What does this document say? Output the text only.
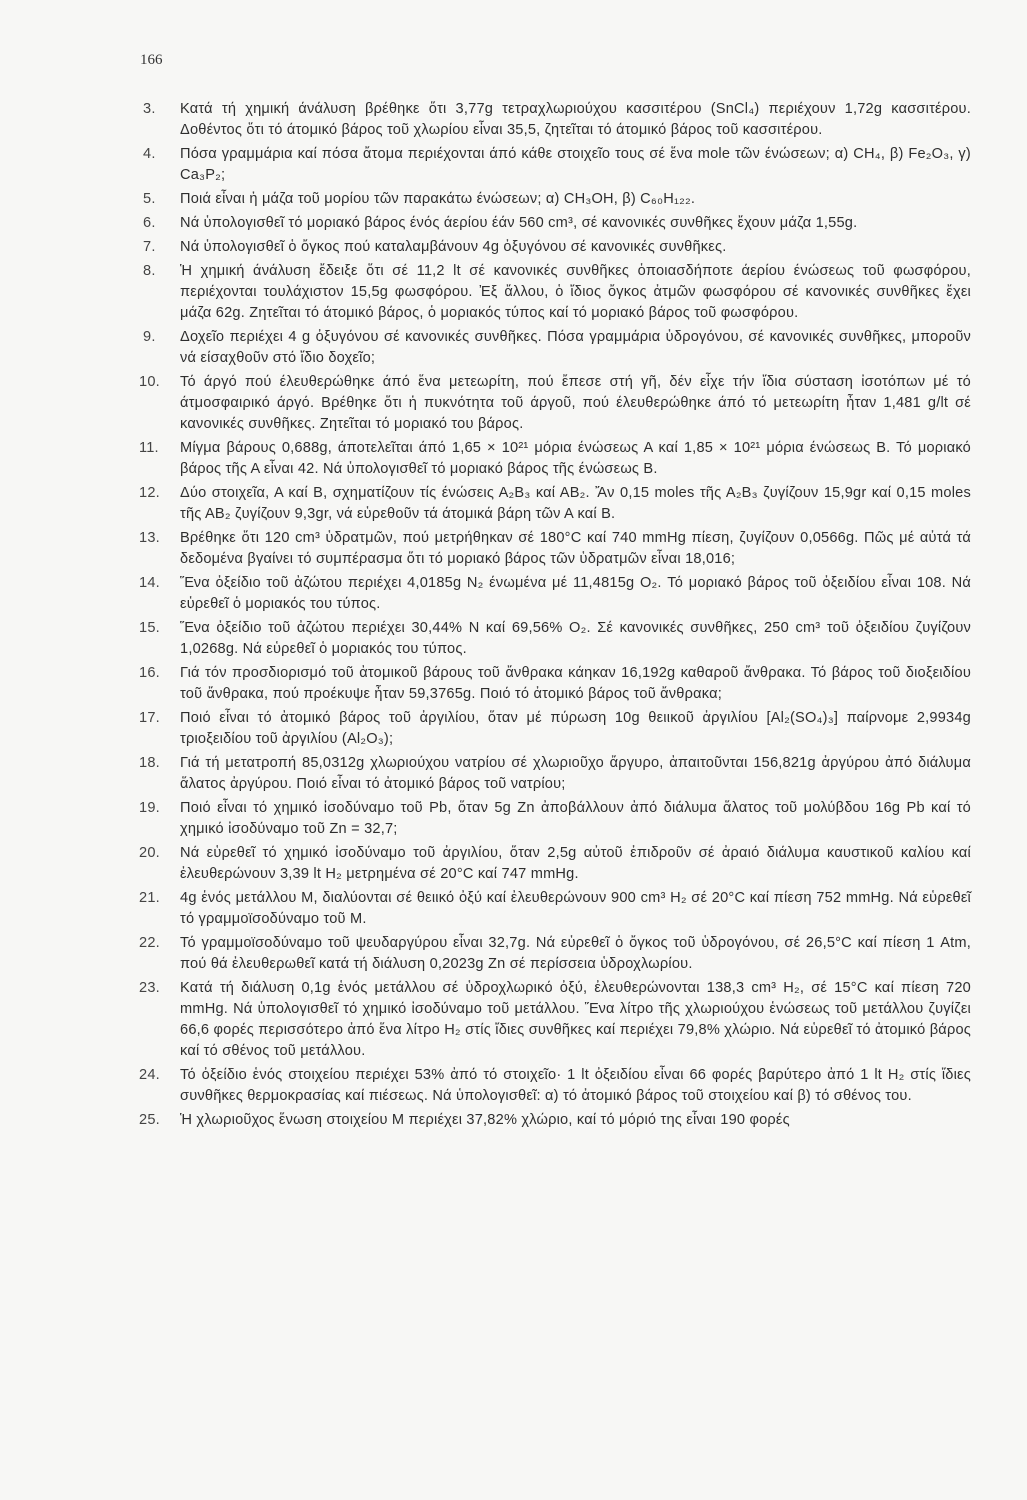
166
3. Κατά τή χημική άνάλυση βρέθηκε ὅτι 3,77g τετραχλωριούχου κασσιτέρου (SnCl₄) περιέχουν 1,72g κασσιτέρου. Δοθέντος ὅτι τό άτομικό βάρος τοῦ χλωρίου εἶναι 35,5, ζητεῖται τό άτομικό βάρος τοῦ κασσιτέρου.
4. Πόσα γραμμάρια καί πόσα ἄτομα περιέχονται άπό κάθε στοιχεῖο τους σέ ἕνα mole τῶν ένώσεων; α) CH₄, β) Fe₂O₃, γ) Ca₃P₂;
5. Ποιά εἶναι ἡ μάζα τοῦ μορίου τῶν παρακάτω ένώσεων; α) CH₃OH, β) C₆₀H₁₂₂.
6. Νά ὑπολογισθεῖ τό μοριακό βάρος ένός άερίου έάν 560 cm³, σέ κανονικές συνθῆκες ἔχουν μάζα 1,55g.
7. Νά ὑπολογισθεῖ ὁ ὄγκος πού καταλαμβάνουν 4g ὀξυγόνου σέ κανονικές συνθῆκες.
8. Ἡ χημική άνάλυση ἔδειξε ὅτι σέ 11,2 lt σέ κανονικές συνθῆκες ὁποιασδήποτε άερίου ένώσεως τοῦ φωσφόρου, περιέχονται τουλάχιστον 15,5g φωσφόρου. Ἐξ ἄλλου, ὁ ἴδιος ὄγκος ἀτμῶν φωσφόρου σέ κανονικές συνθῆκες ἔχει μάζα 62g. Ζητεῖται τό άτομικό βάρος, ὁ μοριακός τύπος καί τό μοριακό βάρος τοῦ φωσφόρου.
9. Δοχεῖο περιέχει 4 g ὀξυγόνου σέ κανονικές συνθῆκες. Πόσα γραμμάρια ὑδρογόνου, σέ κανονικές συνθῆκες, μποροῦν νά είσαχθοῦν στό ἴδιο δοχεῖο;
10. Τό άργό πού έλευθερώθηκε άπό ἕνα μετεωρίτη, πού ἔπεσε στή γῆ, δέν εἶχε τήν ἴδια σύσταση ἰσοτόπων μέ τό άτμοσφαιρικό άργό. Βρέθηκε ὅτι ἡ πυκνότητα τοῦ άργοῦ, πού έλευθερώθηκε άπό τό μετεωρίτη ἦταν 1,481 g/lt σέ κανονικές συνθῆκες. Ζητεῖται τό μοριακό του βάρος.
11. Μίγμα βάρους 0,688g, άποτελεῖται άπό 1,65 × 10²¹ μόρια ένώσεως Α καί 1,85 × 10²¹ μόρια ένώσεως Β. Τό μοριακό βάρος τῆς Α εἶναι 42. Νά ὑπολογισθεῖ τό μοριακό βάρος τῆς ένώσεως Β.
12. Δύο στοιχεῖα, Α καί Β, σχηματίζουν τίς ένώσεις Α₂Β₃ καί ΑΒ₂. Ἄν 0,15 moles τῆς Α₂Β₃ ζυγίζουν 15,9gr καί 0,15 moles τῆς ΑΒ₂ ζυγίζουν 9,3gr, νά εὑρεθοῦν τά άτομικά βάρη τῶν Α καί Β.
13. Βρέθηκε ὅτι 120 cm³ ὑδρατμῶν, πού μετρήθηκαν σέ 180°C καί 740 mmHg πίεση, ζυγίζουν 0,0566g. Πῶς μέ αὐτά τά δεδομένα βγαίνει τό συμπέρασμα ὅτι τό μοριακό βάρος τῶν ὑδρατμῶν εἶναι 18,016;
14. Ἕνα ὀξείδιο τοῦ ἀζώτου περιέχει 4,0185g N₂ ένωμένα μέ 11,4815g O₂. Τό μοριακό βάρος τοῦ ὀξειδίου εἶναι 108. Νά εὑρεθεῖ ὁ μοριακός του τύπος.
15. Ἕνα ὀξείδιο τοῦ ἀζώτου περιέχει 30,44% N καί 69,56% O₂. Σέ κανονικές συνθῆκες, 250 cm³ τοῦ ὀξειδίου ζυγίζουν 1,0268g. Νά εὑρεθεῖ ὁ μοριακός του τύπος.
16. Γιά τόν προσδιορισμό τοῦ ἀτομικοῦ βάρους τοῦ ἄνθρακα κάηκαν 16,192g καθαροῦ ἄνθρακα. Τό βάρος τοῦ διοξειδίου τοῦ ἄνθρακα, πού προέκυψε ἦταν 59,3765g. Ποιό τό ἀτομικό βάρος τοῦ ἄνθρακα;
17. Ποιό εἶναι τό ἀτομικό βάρος τοῦ ἀργιλίου, ὅταν μέ πύρωση 10g θειικοῦ ἀργιλίου [Al₂(SO₄)₃] παίρνομε 2,9934g τριοξειδίου τοῦ ἀργιλίου (Al₂O₃);
18. Γιά τή μετατροπή 85,0312g χλωριούχου νατρίου σέ χλωριοῦχο ἄργυρο, ἀπαιτοῦνται 156,821g ἀργύρου ἀπό διάλυμα ἅλατος ἀργύρου. Ποιό εἶναι τό ἀτομικό βάρος τοῦ νατρίου;
19. Ποιό εἶναι τό χημικό ἰσοδύναμο τοῦ Pb, ὅταν 5g Zn ἀποβάλλουν ἀπό διάλυμα ἅλατος τοῦ μολύβδου 16g Pb καί τό χημικό ἰσοδύναμο τοῦ Zn = 32,7;
20. Νά εὑρεθεῖ τό χημικό ἰσοδύναμο τοῦ ἀργιλίου, ὅταν 2,5g αὐτοῦ ἐπιδροῦν σέ ἀραιό διάλυμα καυστικοῦ καλίου καί ἐλευθερώνουν 3,39 lt H₂ μετρημένα σέ 20°C καί 747 mmHg.
21. 4g ἑνός μετάλλου M, διαλύονται σέ θειικό ὀξύ καί ἐλευθερώνουν 900 cm³ H₂ σέ 20°C καί πίεση 752 mmHg. Νά εὑρεθεῖ τό γραμμοϊσοδύναμο τοῦ M.
22. Τό γραμμοϊσοδύναμο τοῦ ψευδαργύρου εἶναι 32,7g. Νά εὑρεθεῖ ὁ ὄγκος τοῦ ὑδρογόνου, σέ 26,5°C καί πίεση 1 Atm, πού θά ἐλευθερωθεῖ κατά τή διάλυση 0,2023g Zn σέ περίσσεια ὑδροχλωρίου.
23. Κατά τή διάλυση 0,1g ἑνός μετάλλου σέ ὑδροχλωρικό ὀξύ, ἐλευθερώνονται 138,3 cm³ H₂, σέ 15°C καί πίεση 720 mmHg. Νά ὑπολογισθεῖ τό χημικό ἰσοδύναμο τοῦ μετάλλου. Ἕνα λίτρο τῆς χλωριούχου ἑνώσεως τοῦ μετάλλου ζυγίζει 66,6 φορές περισσότερο ἀπό ἕνα λίτρο H₂ στίς ἴδιες συνθῆκες καί περιέχει 79,8% χλώριο. Νά εὑρεθεῖ τό ἀτομικό βάρος καί τό σθένος τοῦ μετάλλου.
24. Τό ὀξείδιο ἑνός στοιχείου περιέχει 53% ἀπό τό στοιχεῖο· 1 lt ὀξειδίου εἶναι 66 φορές βαρύτερο ἀπό 1 lt H₂ στίς ἴδιες συνθῆκες θερμοκρασίας καί πιέσεως. Νά ὑπολογισθεῖ: α) τό ἀτομικό βάρος τοῦ στοιχείου καί β) τό σθένος του.
25. Ἡ χλωριοῦχος ἕνωση στοιχείου M περιέχει 37,82% χλώριο, καί τό μόριό της εἶναι 190 φορές
